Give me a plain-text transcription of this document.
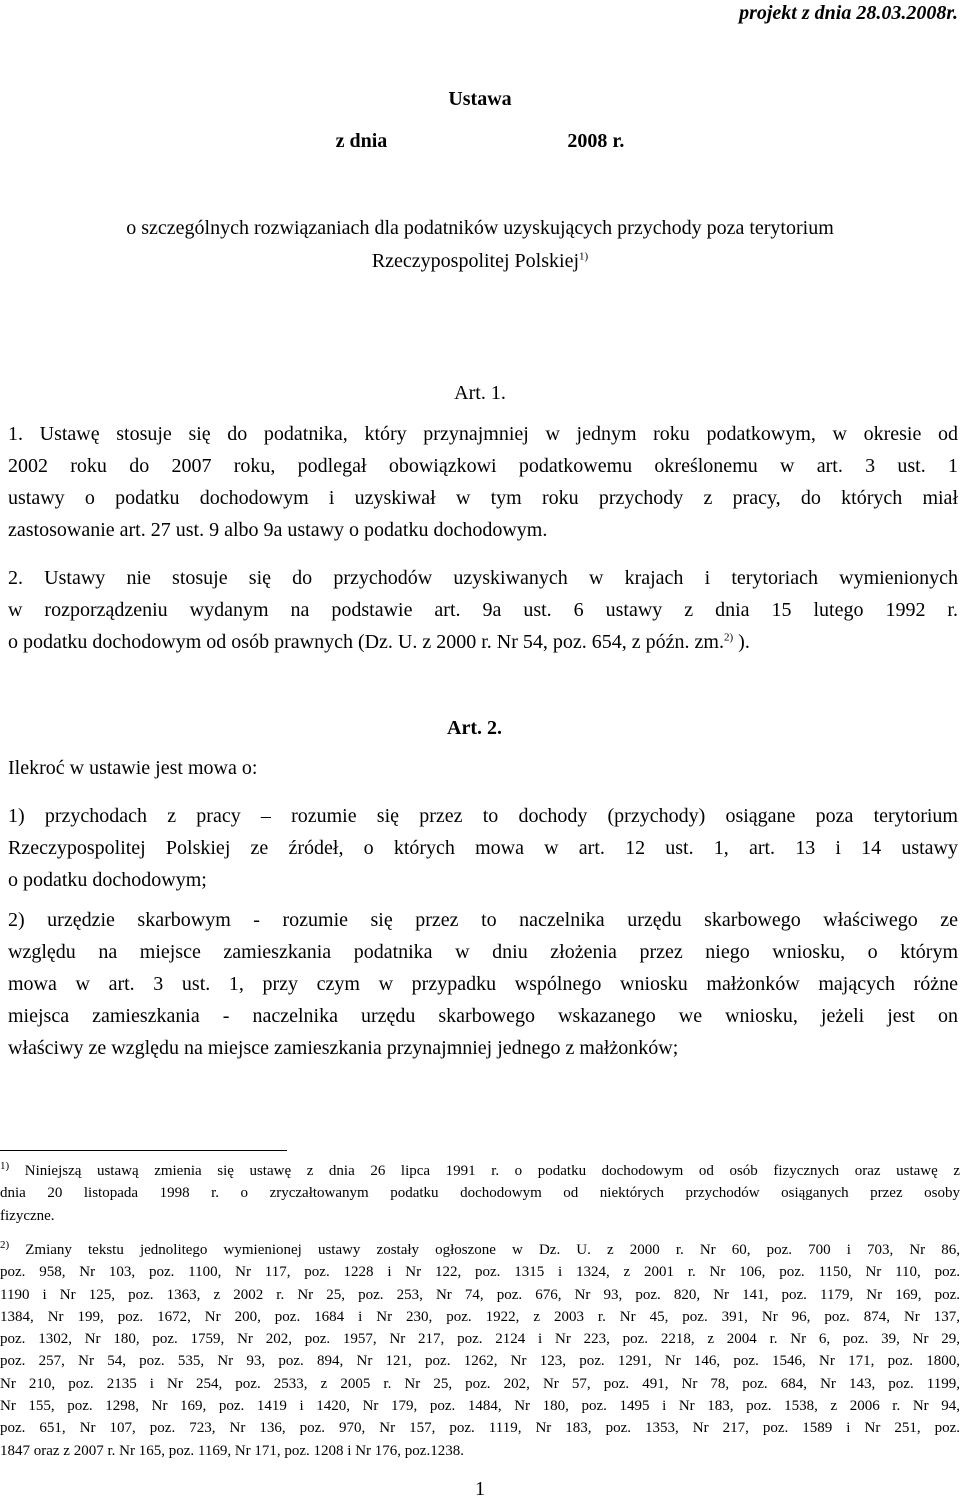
projekt z dnia 28.03.2008r.
Ustawa
z dnia	2008 r.
o szczególnych rozwiązaniach dla podatników uzyskujących przychody poza terytorium
Rzeczypospolitej Polskiej$^{1)}$
Art. 1.
1. Ustawę stosuje się do podatnika, który przynajmniej w jednym roku podatkowym, w okresie od
2002 roku do 2007 roku, podlegał obowiązkowi podatkowemu określonemu w art. 3 ust. 1
ustawy o podatku dochodowym i uzyskiwał w tym roku przychody z pracy, do których miał
zastosowanie art. 27 ust. 9 albo 9a ustawy o podatku dochodowym.
2. Ustawy nie stosuje się do przychodów uzyskiwanych w krajach i terytoriach wymienionych
w rozporządzeniu wydanym na podstawie art. 9a ust. 6 ustawy z dnia 15 lutego 1992 r.
o podatku dochodowym od osób prawnych (Dz. U. z 2000 r. Nr 54, poz. 654, z późn. zm.$^{2)}$ ).
Art. 2.
Ilekroć w ustawie jest mowa o:
1) przychodach z pracy – rozumie się przez to dochody (przychody) osiągane poza terytorium
Rzeczypospolitej Polskiej ze źródeł, o których mowa w art. 12 ust. 1, art. 13 i 14 ustawy
o podatku dochodowym;
2) urzędzie skarbowym - rozumie się przez to naczelnika urzędu skarbowego właściwego ze
względu na miejsce zamieszkania podatnika w dniu złożenia przez niego wniosku, o którym
mowa w art. 3 ust. 1, przy czym w przypadku wspólnego wniosku małżonków mających różne
miejsca zamieszkania - naczelnika urzędu skarbowego wskazanego we wniosku, jeżeli jest on
właściwy ze względu na miejsce zamieszkania przynajmniej jednego z małżonków;
$^{1)}$ Niniejszą ustawą zmienia się ustawę z dnia 26 lipca 1991 r. o podatku dochodowym od osób fizycznych oraz ustawę z
dnia 20 listopada 1998 r. o zryczałtowanym podatku dochodowym od niektórych przychodów osiąganych przez osoby
fizyczne.
$^{2)}$ Zmiany tekstu jednolitego wymienionej ustawy zostały ogłoszone w Dz. U. z 2000 r. Nr 60, poz. 700 i 703, Nr 86,
poz. 958, Nr 103, poz. 1100, Nr 117, poz. 1228 i Nr 122, poz. 1315 i 1324, z 2001 r. Nr 106, poz. 1150, Nr 110, poz.
1190 i Nr 125, poz. 1363, z 2002 r. Nr 25, poz. 253, Nr 74, poz. 676, Nr 93, poz. 820, Nr 141, poz. 1179, Nr 169, poz.
1384, Nr 199, poz. 1672, Nr 200, poz. 1684 i Nr 230, poz. 1922, z 2003 r. Nr 45, poz. 391, Nr 96, poz. 874, Nr 137,
poz. 1302, Nr 180, poz. 1759, Nr 202, poz. 1957, Nr 217, poz. 2124 i Nr 223, poz. 2218, z 2004 r. Nr 6, poz. 39, Nr 29,
poz. 257, Nr 54, poz. 535, Nr 93, poz. 894, Nr 121, poz. 1262, Nr 123, poz. 1291, Nr 146, poz. 1546, Nr 171, poz. 1800,
Nr 210, poz. 2135 i Nr 254, poz. 2533, z 2005 r. Nr 25, poz. 202, Nr 57, poz. 491, Nr 78, poz. 684, Nr 143, poz. 1199,
Nr 155, poz. 1298, Nr 169, poz. 1419 i 1420, Nr 179, poz. 1484, Nr 180, poz. 1495 i Nr 183, poz. 1538, z 2006 r. Nr 94,
poz. 651, Nr 107, poz. 723, Nr 136, poz. 970, Nr 157, poz. 1119, Nr 183, poz. 1353, Nr 217, poz. 1589 i Nr 251, poz.
1847 oraz z 2007 r. Nr 165, poz. 1169, Nr 171, poz. 1208 i Nr 176, poz.1238.
1
